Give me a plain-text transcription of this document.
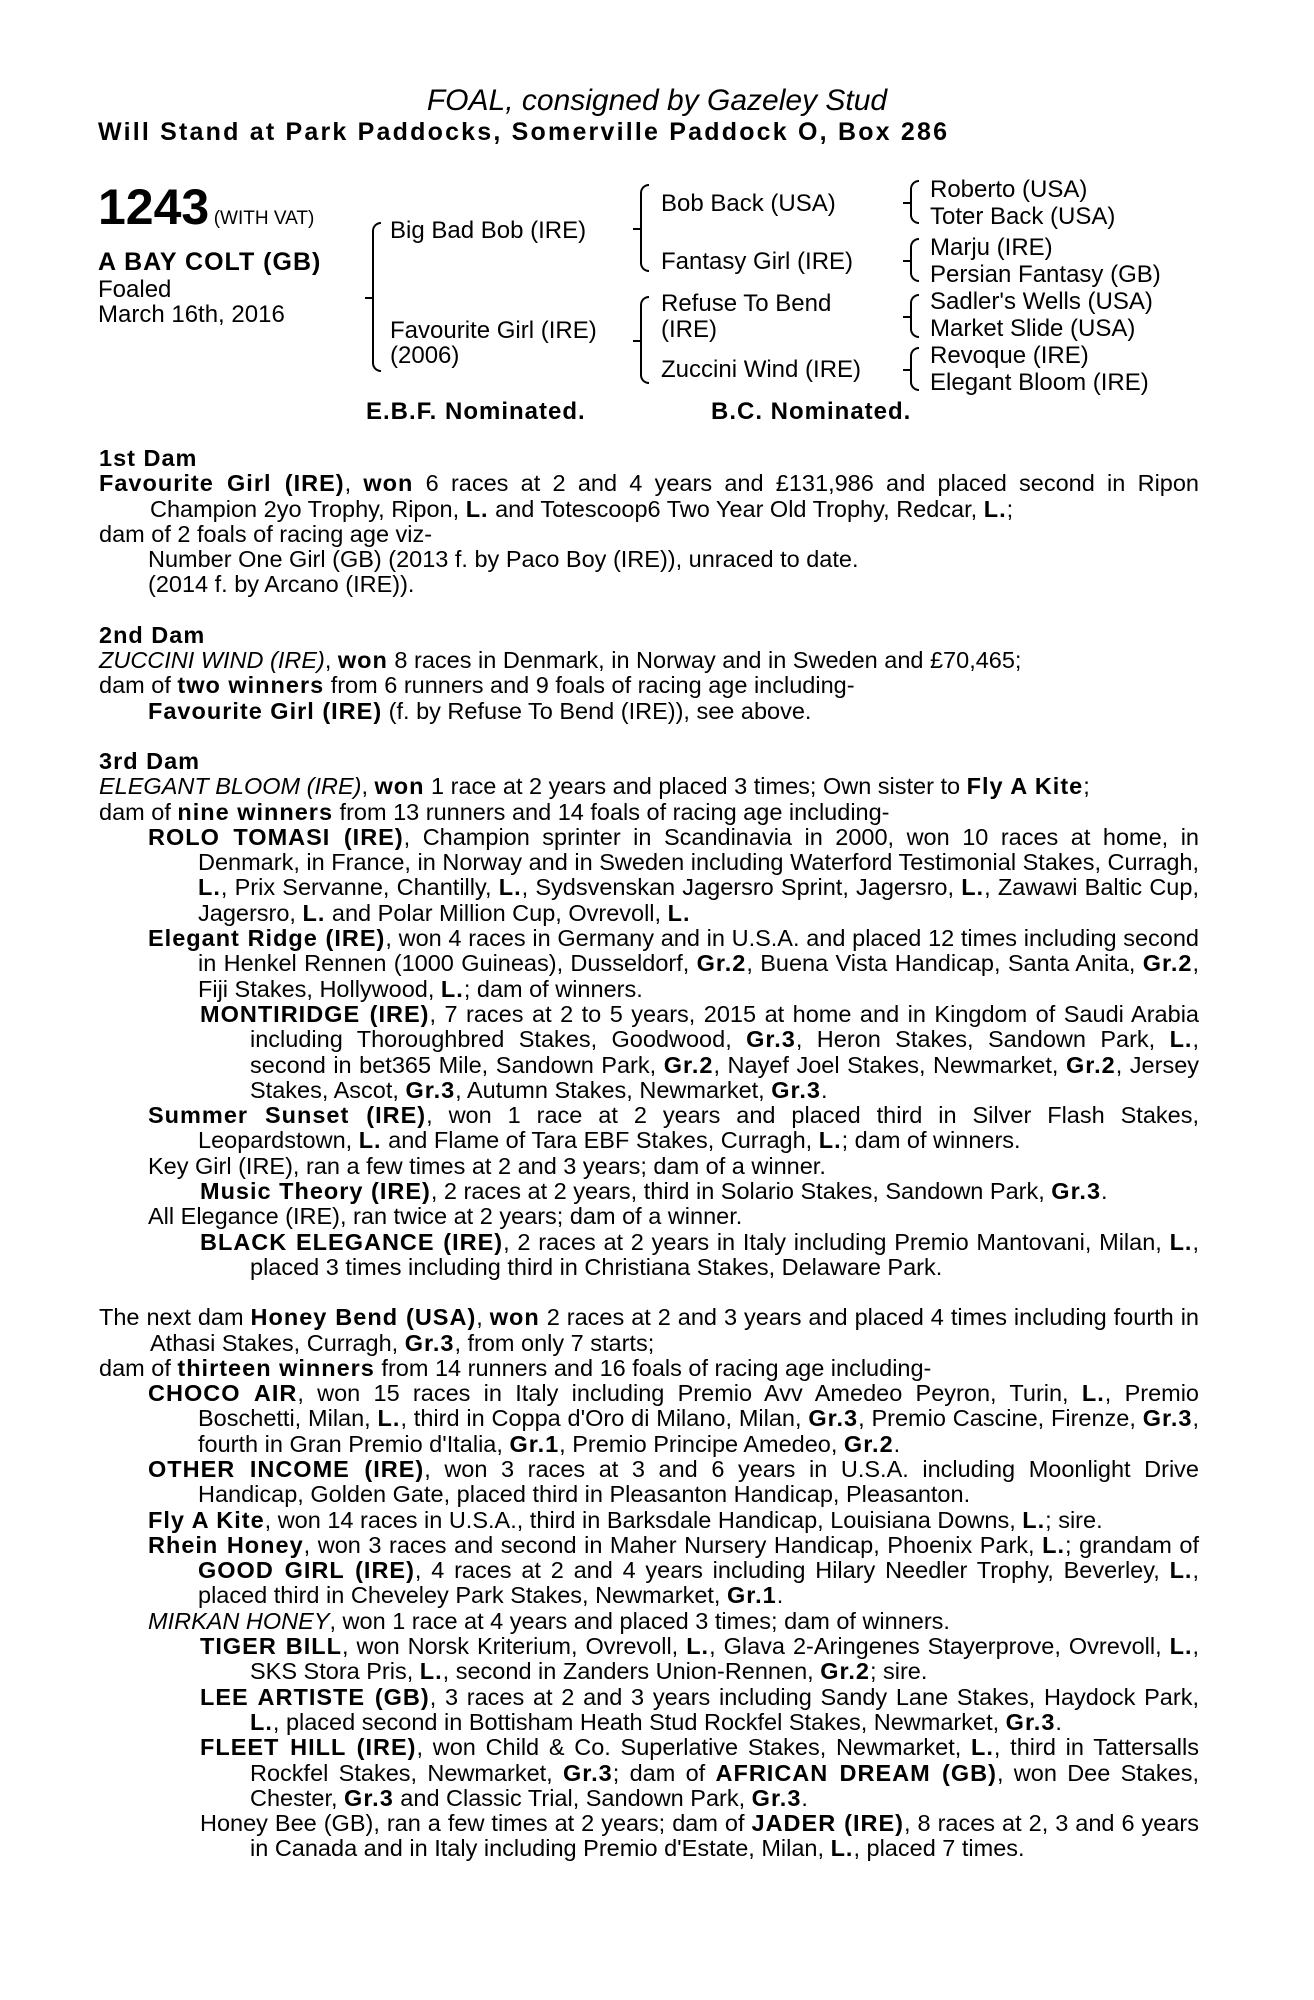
FOAL, consigned by Gazeley Stud
Will Stand at Park Paddocks, Somerville Paddock O, Box 286
1243 (WITH VAT)
A BAY COLT (GB)
Foaled
March 16th, 2016
Big Bad Bob (IRE)
Favourite Girl (IRE)
(2006)
Bob Back (USA)
Fantasy Girl (IRE)
Refuse To Bend
(IRE)
Zuccini Wind (IRE)
Roberto (USA)
Toter Back (USA)
Marju (IRE)
Persian Fantasy (GB)
Sadler's Wells (USA)
Market Slide (USA)
Revoque (IRE)
Elegant Bloom (IRE)
E.B.F. Nominated.	B.C. Nominated.

1st Dam

Favourite Girl (IRE), won 6 races at 2 and 4 years and £131,986 and placed second in Ripon Champion 2yo Trophy, Ripon, L. and Totescoop6 Two Year Old Trophy, Redcar, L.;

dam of 2 foals of racing age viz-

Number One Girl (GB) (2013 f. by Paco Boy (IRE)), unraced to date.

(2014 f. by Arcano (IRE)).

2nd Dam

ZUCCINI WIND (IRE), won 8 races in Denmark, in Norway and in Sweden and £70,465;

dam of two winners from 6 runners and 9 foals of racing age including-

Favourite Girl (IRE) (f. by Refuse To Bend (IRE)), see above.

3rd Dam

ELEGANT BLOOM (IRE), won 1 race at 2 years and placed 3 times; Own sister to Fly A Kite;

dam of nine winners from 13 runners and 14 foals of racing age including-

ROLO TOMASI (IRE), Champion sprinter in Scandinavia in 2000, won 10 races at home, in Denmark, in France, in Norway and in Sweden including Waterford Testimonial Stakes, Curragh, L., Prix Servanne, Chantilly, L., Sydsvenskan Jagersro Sprint, Jagersro, L., Zawawi Baltic Cup, Jagersro, L. and Polar Million Cup, Ovrevoll, L.

Elegant Ridge (IRE), won 4 races in Germany and in U.S.A. and placed 12 times including second in Henkel Rennen (1000 Guineas), Dusseldorf, Gr.2, Buena Vista Handicap, Santa Anita, Gr.2, Fiji Stakes, Hollywood, L.; dam of winners.

MONTIRIDGE (IRE), 7 races at 2 to 5 years, 2015 at home and in Kingdom of Saudi Arabia including Thoroughbred Stakes, Goodwood, Gr.3, Heron Stakes, Sandown Park, L., second in bet365 Mile, Sandown Park, Gr.2, Nayef Joel Stakes, Newmarket, Gr.2, Jersey Stakes, Ascot, Gr.3, Autumn Stakes, Newmarket, Gr.3.

Summer Sunset (IRE), won 1 race at 2 years and placed third in Silver Flash Stakes, Leopardstown, L. and Flame of Tara EBF Stakes, Curragh, L.; dam of winners.

Key Girl (IRE), ran a few times at 2 and 3 years; dam of a winner.

Music Theory (IRE), 2 races at 2 years, third in Solario Stakes, Sandown Park, Gr.3.

All Elegance (IRE), ran twice at 2 years; dam of a winner.

BLACK ELEGANCE (IRE), 2 races at 2 years in Italy including Premio Mantovani, Milan, L., placed 3 times including third in Christiana Stakes, Delaware Park.

The next dam Honey Bend (USA), won 2 races at 2 and 3 years and placed 4 times including fourth in Athasi Stakes, Curragh, Gr.3, from only 7 starts;

dam of thirteen winners from 14 runners and 16 foals of racing age including-

CHOCO AIR, won 15 races in Italy including Premio Avv Amedeo Peyron, Turin, L., Premio Boschetti, Milan, L., third in Coppa d'Oro di Milano, Milan, Gr.3, Premio Cascine, Firenze, Gr.3, fourth in Gran Premio d'Italia, Gr.1, Premio Principe Amedeo, Gr.2.

OTHER INCOME (IRE), won 3 races at 3 and 6 years in U.S.A. including Moonlight Drive Handicap, Golden Gate, placed third in Pleasanton Handicap, Pleasanton.

Fly A Kite, won 14 races in U.S.A., third in Barksdale Handicap, Louisiana Downs, L.; sire.

Rhein Honey, won 3 races and second in Maher Nursery Handicap, Phoenix Park, L.; grandam of GOOD GIRL (IRE), 4 races at 2 and 4 years including Hilary Needler Trophy, Beverley, L., placed third in Cheveley Park Stakes, Newmarket, Gr.1.

MIRKAN HONEY, won 1 race at 4 years and placed 3 times; dam of winners.

TIGER BILL, won Norsk Kriterium, Ovrevoll, L., Glava 2-Aringenes Stayerprove, Ovrevoll, L., SKS Stora Pris, L., second in Zanders Union-Rennen, Gr.2; sire.

LEE ARTISTE (GB), 3 races at 2 and 3 years including Sandy Lane Stakes, Haydock Park, L., placed second in Bottisham Heath Stud Rockfel Stakes, Newmarket, Gr.3.

FLEET HILL (IRE), won Child & Co. Superlative Stakes, Newmarket, L., third in Tattersalls Rockfel Stakes, Newmarket, Gr.3; dam of AFRICAN DREAM (GB), won Dee Stakes, Chester, Gr.3 and Classic Trial, Sandown Park, Gr.3.

Honey Bee (GB), ran a few times at 2 years; dam of JADER (IRE), 8 races at 2, 3 and 6 years in Canada and in Italy including Premio d'Estate, Milan, L., placed 7 times.
